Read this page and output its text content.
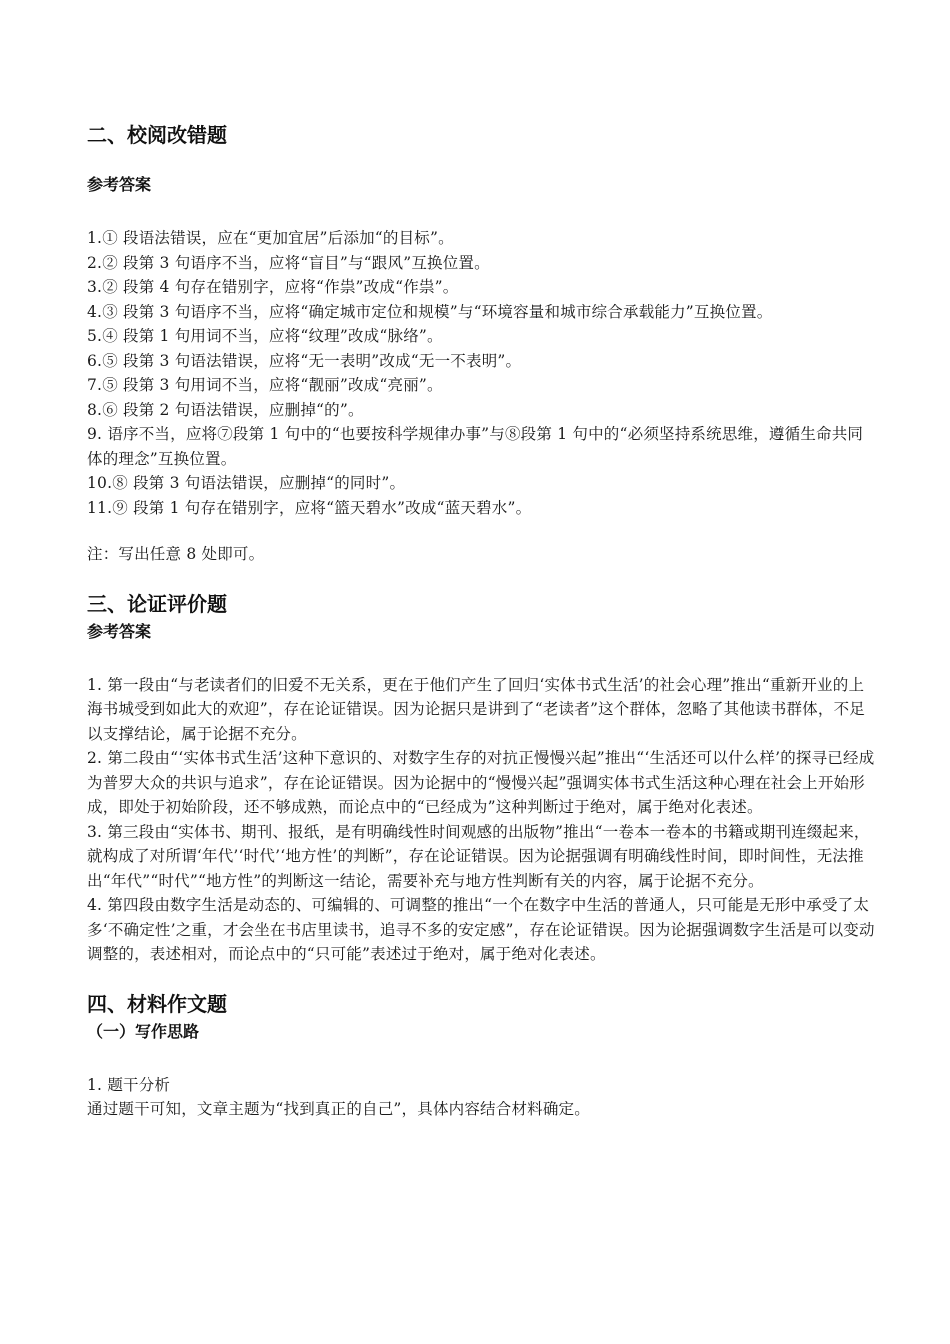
二、校阅改错题
参考答案

1.① 段语法错误，应在“更加宜居”后添加“的目标”。

2.② 段第 3 句语序不当，应将“盲目”与“跟风”互换位置。

3.② 段第 4 句存在错别字，应将“作祟”改成“作祟”。

4.③ 段第 3 句语序不当，应将“确定城市定位和规模”与“环境容量和城市综合承载能力”互换位置。

5.④ 段第 1 句用词不当，应将“纹理”改成“脉络”。

6.⑤ 段第 3 句语法错误，应将“无一表明”改成“无一不表明”。

7.⑤ 段第 3 句用词不当，应将“靓丽”改成“亮丽”。

8.⑥ 段第 2 句语法错误，应删掉“的”。

9. 语序不当，应将⑦段第 1 句中的“也要按科学规律办事”与⑧段第 1 句中的“必须坚持系统思维，遵循生命共同体的理念”互换位置。

10.⑧ 段第 3 句语法错误，应删掉“的同时”。

11.⑨ 段第 1 句存在错别字，应将“篮天碧水”改成“蓝天碧水”。

注：写出任意 8 处即可。

三、论证评价题
参考答案

1. 第一段由“与老读者们的旧爱不无关系，更在于他们产生了回归‘实体书式生活’的社会心理”推出“重新开业的上海书城受到如此大的欢迎”，存在论证错误。因为论据只是讲到了“老读者”这个群体，忽略了其他读书群体，不足以支撑结论，属于论据不充分。

2. 第二段由“‘实体书式生活’这种下意识的、对数字生存的对抗正慢慢兴起”推出“‘生活还可以什么样’的探寻已经成为普罗大众的共识与追求”，存在论证错误。因为论据中的“慢慢兴起”强调实体书式生活这种心理在社会上开始形成，即处于初始阶段，还不够成熟，而论点中的“已经成为”这种判断过于绝对，属于绝对化表述。

3. 第三段由“实体书、期刊、报纸，是有明确线性时间观感的出版物”推出“一卷本一卷本的书籍或期刊连缀起来，就构成了对所谓‘年代’‘时代’‘地方性’的判断”，存在论证错误。因为论据强调有明确线性时间，即时间性，无法推出“年代”“时代”“地方性”的判断这一结论，需要补充与地方性判断有关的内容，属于论据不充分。

4. 第四段由数字生活是动态的、可编辑的、可调整的推出“一个在数字中生活的普通人，只可能是无形中承受了太多‘不确定性’之重，才会坐在书店里读书，追寻不多的安定感”，存在论证错误。因为论据强调数字生活是可以变动调整的，表述相对，而论点中的“只可能”表述过于绝对，属于绝对化表述。

四、材料作文题
（一）写作思路

1. 题干分析

通过题干可知，文章主题为“找到真正的自己”，具体内容结合材料确定。
